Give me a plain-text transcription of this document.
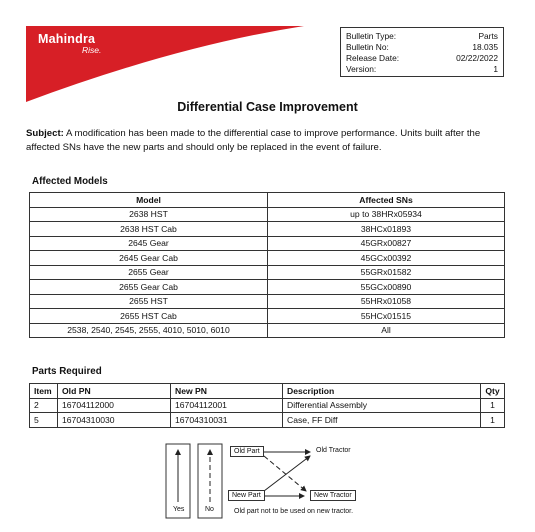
Mahindra
Rise.
Bulletin Type:	Parts
Bulletin No:	18.035
Release Date:	02/22/2022
Version:	1
Differential Case Improvement
Subject: A modification has been made to the differential case to improve performance. Units built after the affected SNs have the new parts and should only be replaced in the event of failure.
Affected Models
Model	Affected SNs
2638 HST	up to 38HRx05934
2638 HST Cab	38HCx01893
2645 Gear	45GRx00827
2645 Gear Cab	45GCx00392
2655 Gear	55GRx01582
2655 Gear Cab	55GCx00890
2655 HST	55HRx01058
2655 HST Cab	55HCx01515
2538, 2540, 2545, 2555, 4010, 5010, 6010	All
Parts Required
Item	Old PN	New PN	Description	Qty
2	16704112000	16704112001	Differential Assembly	1
5	16704310030	16704310031	Case, FF Diff	1
Yes	No
Old Part	Old Tractor
New Part	New Tractor
Old part not to be used on new tractor.
